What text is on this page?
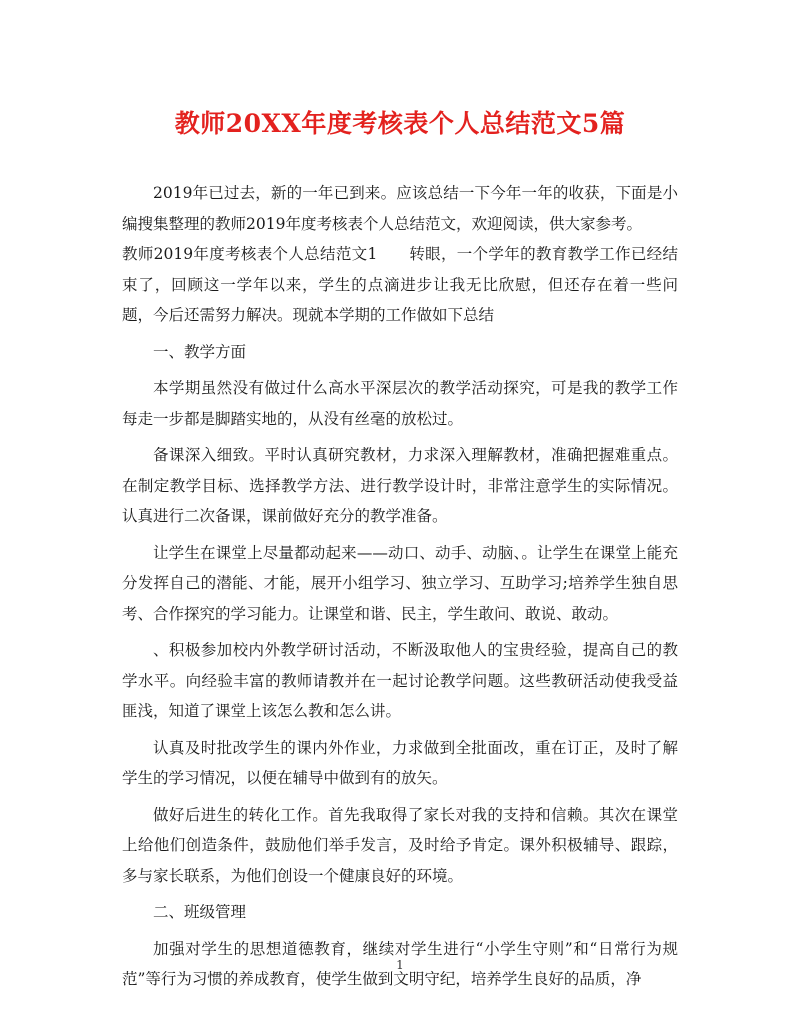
教师20XX年度考核表个人总结范文5篇

2019年已过去，新的一年已到来。应该总结一下今年一年的收获，下面是小编搜集整理的教师2019年度考核表个人总结范文，欢迎阅读，供大家参考。

教师2019年度考核表个人总结范文1　　转眼，一个学年的教育教学工作已经结束了，回顾这一学年以来，学生的点滴进步让我无比欣慰，但还存在着一些问题，今后还需努力解决。现就本学期的工作做如下总结

一、教学方面

本学期虽然没有做过什么高水平深层次的教学活动探究，可是我的教学工作每走一步都是脚踏实地的，从没有丝毫的放松过。

备课深入细致。平时认真研究教材，力求深入理解教材，准确把握难重点。在制定教学目标、选择教学方法、进行教学设计时，非常注意学生的实际情况。认真进行二次备课，课前做好充分的教学准备。

让学生在课堂上尽量都动起来——动口、动手、动脑、。让学生在课堂上能充分发挥自己的潜能、才能，展开小组学习、独立学习、互助学习;培养学生独自思考、合作探究的学习能力。让课堂和谐、民主，学生敢问、敢说、敢动。

、积极参加校内外教学研讨活动，不断汲取他人的宝贵经验，提高自己的教学水平。向经验丰富的教师请教并在一起讨论教学问题。这些教研活动使我受益匪浅，知道了课堂上该怎么教和怎么讲。

认真及时批改学生的课内外作业，力求做到全批面改，重在订正，及时了解学生的学习情况，以便在辅导中做到有的放矢。

做好后进生的转化工作。首先我取得了家长对我的支持和信赖。其次在课堂上给他们创造条件，鼓励他们举手发言，及时给予肯定。课外积极辅导、跟踪，多与家长联系，为他们创设一个健康良好的环境。

二、班级管理

加强对学生的思想道德教育，继续对学生进行“小学生守则”和“日常行为规范”等行为习惯的养成教育，使学生做到文明守纪，培养学生良好的品质，净

1
